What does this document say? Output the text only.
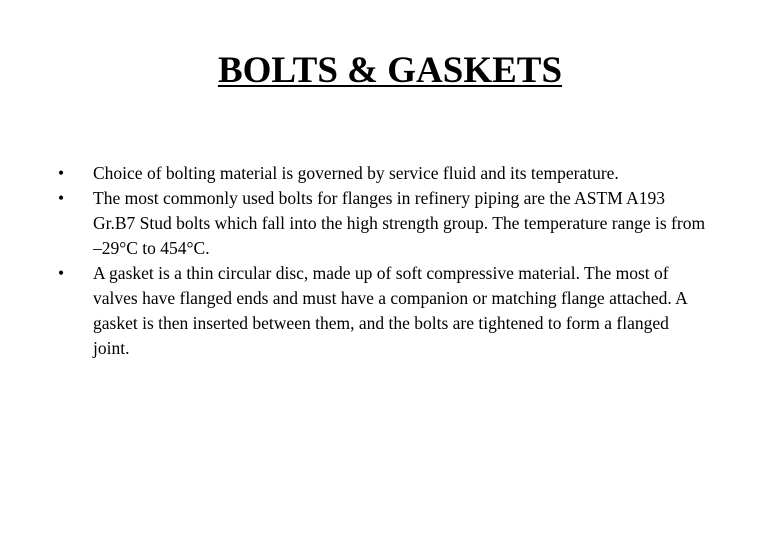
BOLTS & GASKETS
•	Choice of bolting material is governed by service fluid and its temperature.
•	The most commonly used bolts for flanges in refinery piping are the ASTM A193 Gr.B7 Stud bolts which fall into the high strength group. The temperature range is from –29°C to 454°C.
•	A gasket is a thin circular disc, made up of soft compressive material. The most of valves have flanged ends and must have a companion or matching flange attached. A gasket is then inserted between them, and the bolts are tightened to form a flanged joint.
